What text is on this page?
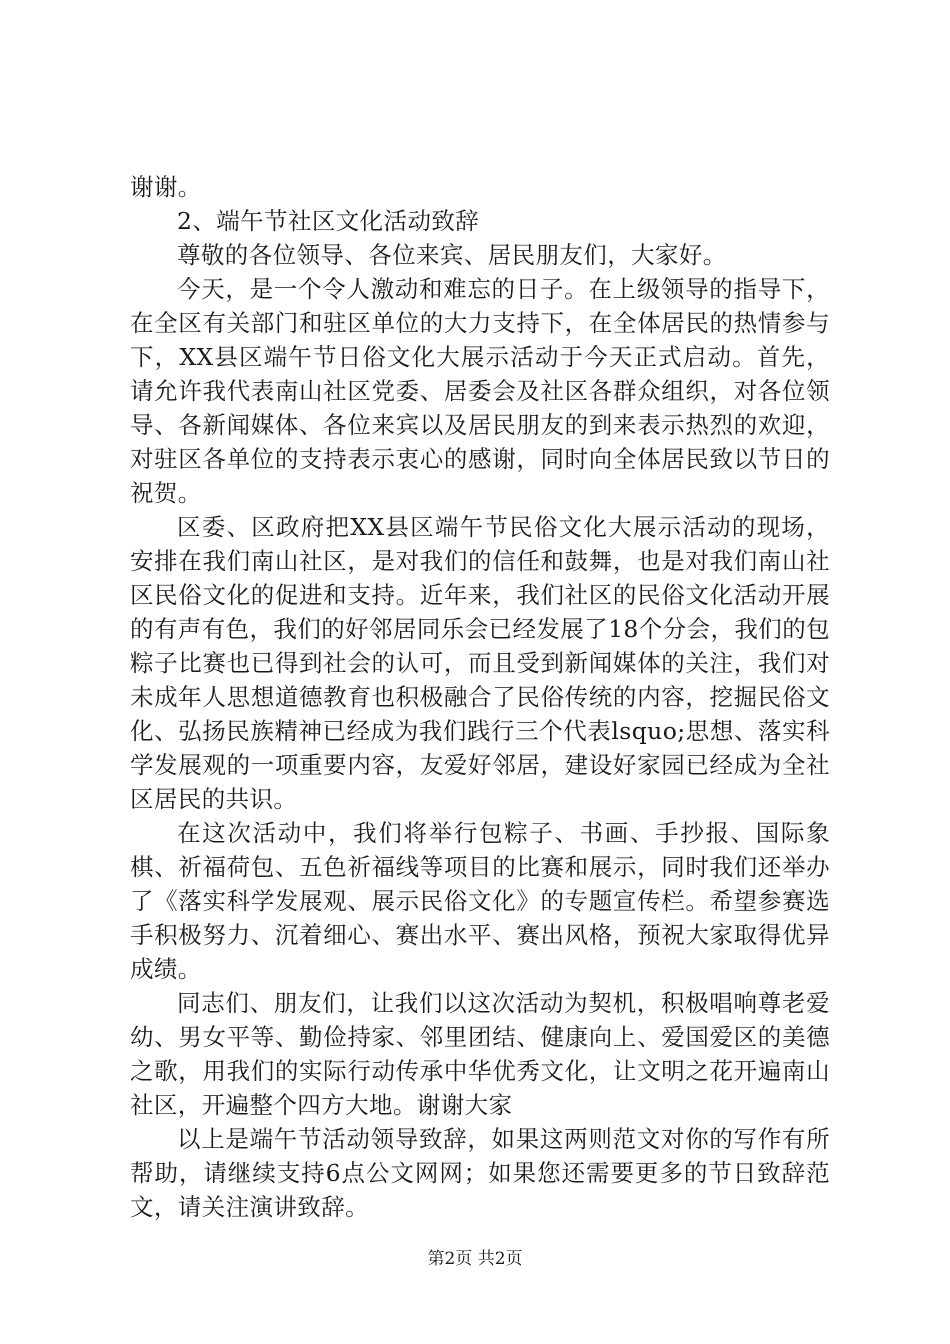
谢谢。

2、端午节社区文化活动致辞

尊敬的各位领导、各位来宾、居民朋友们，大家好。

今天，是一个令人激动和难忘的日子。在上级领导的指导下，在全区有关部门和驻区单位的大力支持下，在全体居民的热情参与下，XX县区端午节日俗文化大展示活动于今天正式启动。首先，请允许我代表南山社区党委、居委会及社区各群众组织，对各位领导、各新闻媒体、各位来宾以及居民朋友的到来表示热烈的欢迎，对驻区各单位的支持表示衷心的感谢，同时向全体居民致以节日的祝贺。

区委、区政府把XX县区端午节民俗文化大展示活动的现场，安排在我们南山社区，是对我们的信任和鼓舞，也是对我们南山社区民俗文化的促进和支持。近年来，我们社区的民俗文化活动开展的有声有色，我们的好邻居同乐会已经发展了18个分会，我们的包粽子比赛也已得到社会的认可，而且受到新闻媒体的关注，我们对未成年人思想道德教育也积极融合了民俗传统的内容，挖掘民俗文化、弘扬民族精神已经成为我们践行三个代表lsquo;思想、落实科学发展观的一项重要内容，友爱好邻居，建设好家园已经成为全社区居民的共识。

在这次活动中，我们将举行包粽子、书画、手抄报、国际象棋、祈福荷包、五色祈福线等项目的比赛和展示，同时我们还举办了《落实科学发展观、展示民俗文化》的专题宣传栏。希望参赛选手积极努力、沉着细心、赛出水平、赛出风格，预祝大家取得优异成绩。

同志们、朋友们，让我们以这次活动为契机，积极唱响尊老爱幼、男女平等、勤俭持家、邻里团结、健康向上、爱国爱区的美德之歌，用我们的实际行动传承中华优秀文化，让文明之花开遍南山社区，开遍整个四方大地。谢谢大家

以上是端午节活动领导致辞，如果这两则范文对你的写作有所帮助，请继续支持6点公文网网；如果您还需要更多的节日致辞范文，请关注演讲致辞。

第2页 共2页
